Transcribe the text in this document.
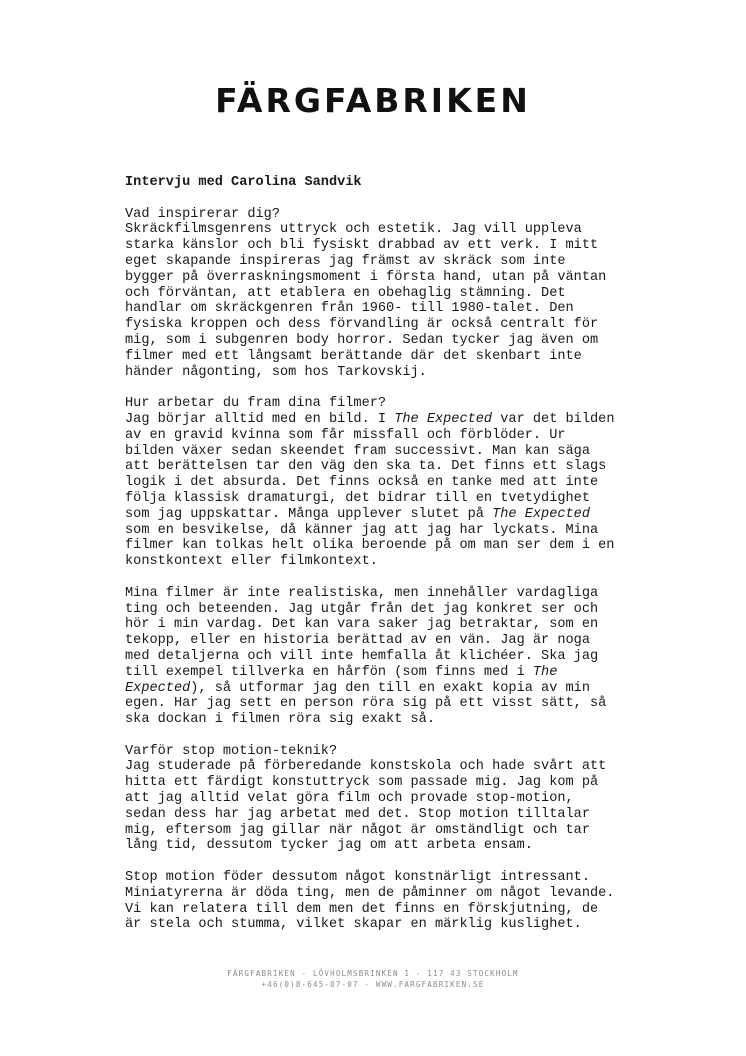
FÄRGFABRIKEN
Intervju med Carolina Sandvik
Vad inspirerar dig?
Skräckfilmsgenrens uttryck och estetik. Jag vill uppleva
starka känslor och bli fysiskt drabbad av ett verk. I mitt
eget skapande inspireras jag främst av skräck som inte
bygger på överraskningsmoment i första hand, utan på väntan
och förväntan, att etablera en obehaglig stämning. Det
handlar om skräckgenren från 1960- till 1980-talet. Den
fysiska kroppen och dess förvandling är också centralt för
mig, som i subgenren body horror. Sedan tycker jag även om
filmer med ett långsamt berättande där det skenbart inte
händer någonting, som hos Tarkovskij.
Hur arbetar du fram dina filmer?
Jag börjar alltid med en bild. I The Expected var det bilden
av en gravid kvinna som får missfall och förblöder. Ur
bilden växer sedan skeendet fram successivt. Man kan säga
att berättelsen tar den väg den ska ta. Det finns ett slags
logik i det absurda. Det finns också en tanke med att inte
följa klassisk dramaturgi, det bidrar till en tvetydighet
som jag uppskattar. Många upplever slutet på The Expected
som en besvikelse, då känner jag att jag har lyckats. Mina
filmer kan tolkas helt olika beroende på om man ser dem i en
konstkontext eller filmkontext.
Mina filmer är inte realistiska, men innehåller vardagliga
ting och beteenden. Jag utgår från det jag konkret ser och
hör i min vardag. Det kan vara saker jag betraktar, som en
tekopp, eller en historia berättad av en vän. Jag är noga
med detaljerna och vill inte hemfalla åt klichéer. Ska jag
till exempel tillverka en hårfön (som finns med i The
Expected), så utformar jag den till en exakt kopia av min
egen. Har jag sett en person röra sig på ett visst sätt, så
ska dockan i filmen röra sig exakt så.
Varför stop motion-teknik?
Jag studerade på förberedande konstskola och hade svårt att
hitta ett färdigt konstuttryck som passade mig. Jag kom på
att jag alltid velat göra film och provade stop-motion,
sedan dess har jag arbetat med det. Stop motion tilltalar
mig, eftersom jag gillar när något är omständligt och tar
lång tid, dessutom tycker jag om att arbeta ensam.
Stop motion föder dessutom något konstnärligt intressant.
Miniatyrerna är döda ting, men de påminner om något levande.
Vi kan relatera till dem men det finns en förskjutning, de
är stela och stumma, vilket skapar en märklig kuslighet.
FÄRGFABRIKEN - LÖVHOLMSBRINKEN 1 - 117 43 STOCKHOLM
+46(0)8-645-07-07 - WWW.FARGFABRIKEN.SE
